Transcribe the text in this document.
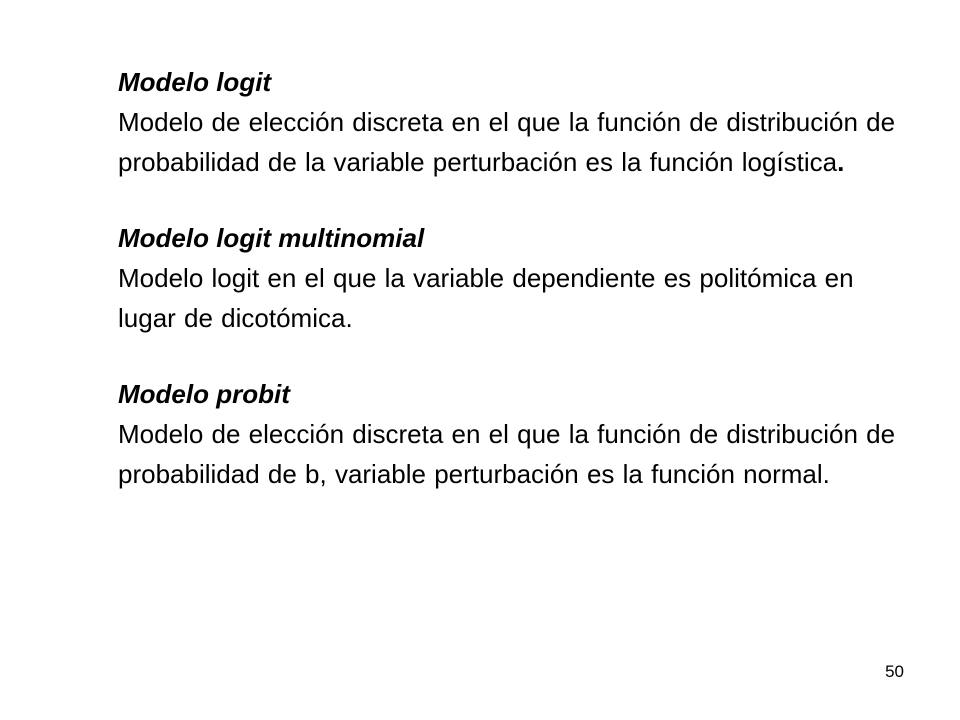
Modelo logit
Modelo de elección discreta en el que la función de distribución de probabilidad de la variable perturbación es la función logística.
Modelo logit multinomial
Modelo logit en el que la variable dependiente es politómica en lugar de dicotómica.
Modelo probit
Modelo de elección discreta en el que la función de distribución de probabilidad de b, variable perturbación es la función normal.
50
